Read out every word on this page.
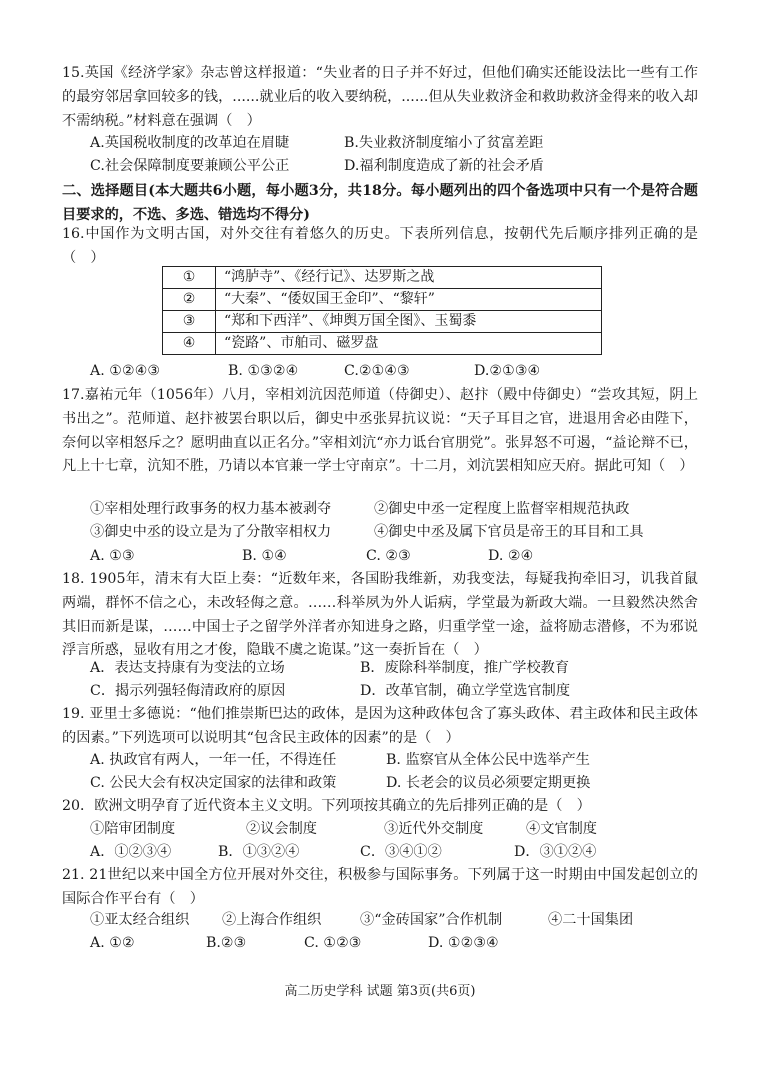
15.英国《经济学家》杂志曾这样报道：“失业者的日子并不好过，但他们确实还能设法比一些有工作的最穷邻居拿回较多的钱，......就业后的收入要纳税，......但从失业救济金和救助救济金得来的收入却不需纳税。”材料意在强调（　）

A.英国税收制度的改革迫在眉睫	B.失业救济制度缩小了贫富差距
C.社会保障制度要兼顾公平公正	D.福利制度造成了新的社会矛盾

二、选择题目(本大题共6小题，每小题3分，共18分。每小题列出的四个备选项中只有一个是符合题目要求的，不选、多选、错选均不得分)

16.中国作为文明古国，对外交往有着悠久的历史。下表所列信息，按朝代先后顺序排列正确的是（　）

①	“鸿胪寺”、《经行记》、达罗斯之战
②	“大秦”、“倭奴国王金印”、“黎轩”
③	“郑和下西洋”、《坤舆万国全图》、玉蜀黍
④	“瓷路”、市舶司、磁罗盘
A. ①②④③	B. ①③②④	C.②①④③	D.②①③④

17.嘉祐元年（1056年）八月，宰相刘沆因范师道（侍御史）、赵抃（殿中侍御史）“尝攻其短，阴上书出之”。范师道、赵抃被罢台职以后，御史中丞张昇抗议说：“天子耳目之官，进退用舍必由陛下，奈何以宰相怒斥之？愿明曲直以正名分。”宰相刘沆“亦力诋台官朋党”。张昇怒不可遏，“益论辩不已，凡上十七章，沆知不胜，乃请以本官兼一学士守南京”。十二月，刘沆罢相知应天府。据此可知（　）

①宰相处理行政事务的权力基本被剥夺	②御史中丞一定程度上监督宰相规范执政
③御史中丞的设立是为了分散宰相权力	④御史中丞及属下官员是帝王的耳目和工具
A. ①③	B. ①④	C. ②③	D. ②④

18. 1905年，清末有大臣上奏：“近数年来，各国盼我维新，劝我变法，每疑我拘牵旧习，讥我首鼠两端，群怀不信之心，未改轻侮之意。……科举夙为外人诟病，学堂最为新政大端。一旦毅然决然舍其旧而新是谋，……中国士子之留学外洋者亦知进身之路，归重学堂一途，益将励志潜修，不为邪说浮言所惑，显收有用之才俊，隐戢不虞之诡谋。”这一奏折旨在（　）

A．表达支持康有为变法的立场	B．废除科举制度，推广学校教育
C．揭示列强轻侮清政府的原因	D．改革官制，确立学堂选官制度

19. 亚里士多德说：“他们推崇斯巴达的政体，是因为这种政体包含了寡头政体、君主政体和民主政体的因素。”下列选项可以说明其“包含民主政体的因素”的是（　）

A. 执政官有两人，一年一任，不得连任	B. 监察官从全体公民中选举产生
C. 公民大会有权决定国家的法律和政策	D. 长老会的议员必须要定期更换

20．欧洲文明孕育了近代资本主义文明。下列项按其确立的先后排列正确的是（　）

①陪审团制度	②议会制度	③近代外交制度	④文官制度
A．①②③④	B．①③②④	C．③④①②	D．③①②④

21. 21世纪以来中国全方位开展对外交往，积极参与国际事务。下列属于这一时期由中国发起创立的国际合作平台有（　）

①亚太经合组织 ②上海合作组织	③“金砖国家”合作机制	④二十国集团
A. ①②	B.②③	C. ①②③	D. ①②③④
高二历史学科 试题 第3页(共6页)
